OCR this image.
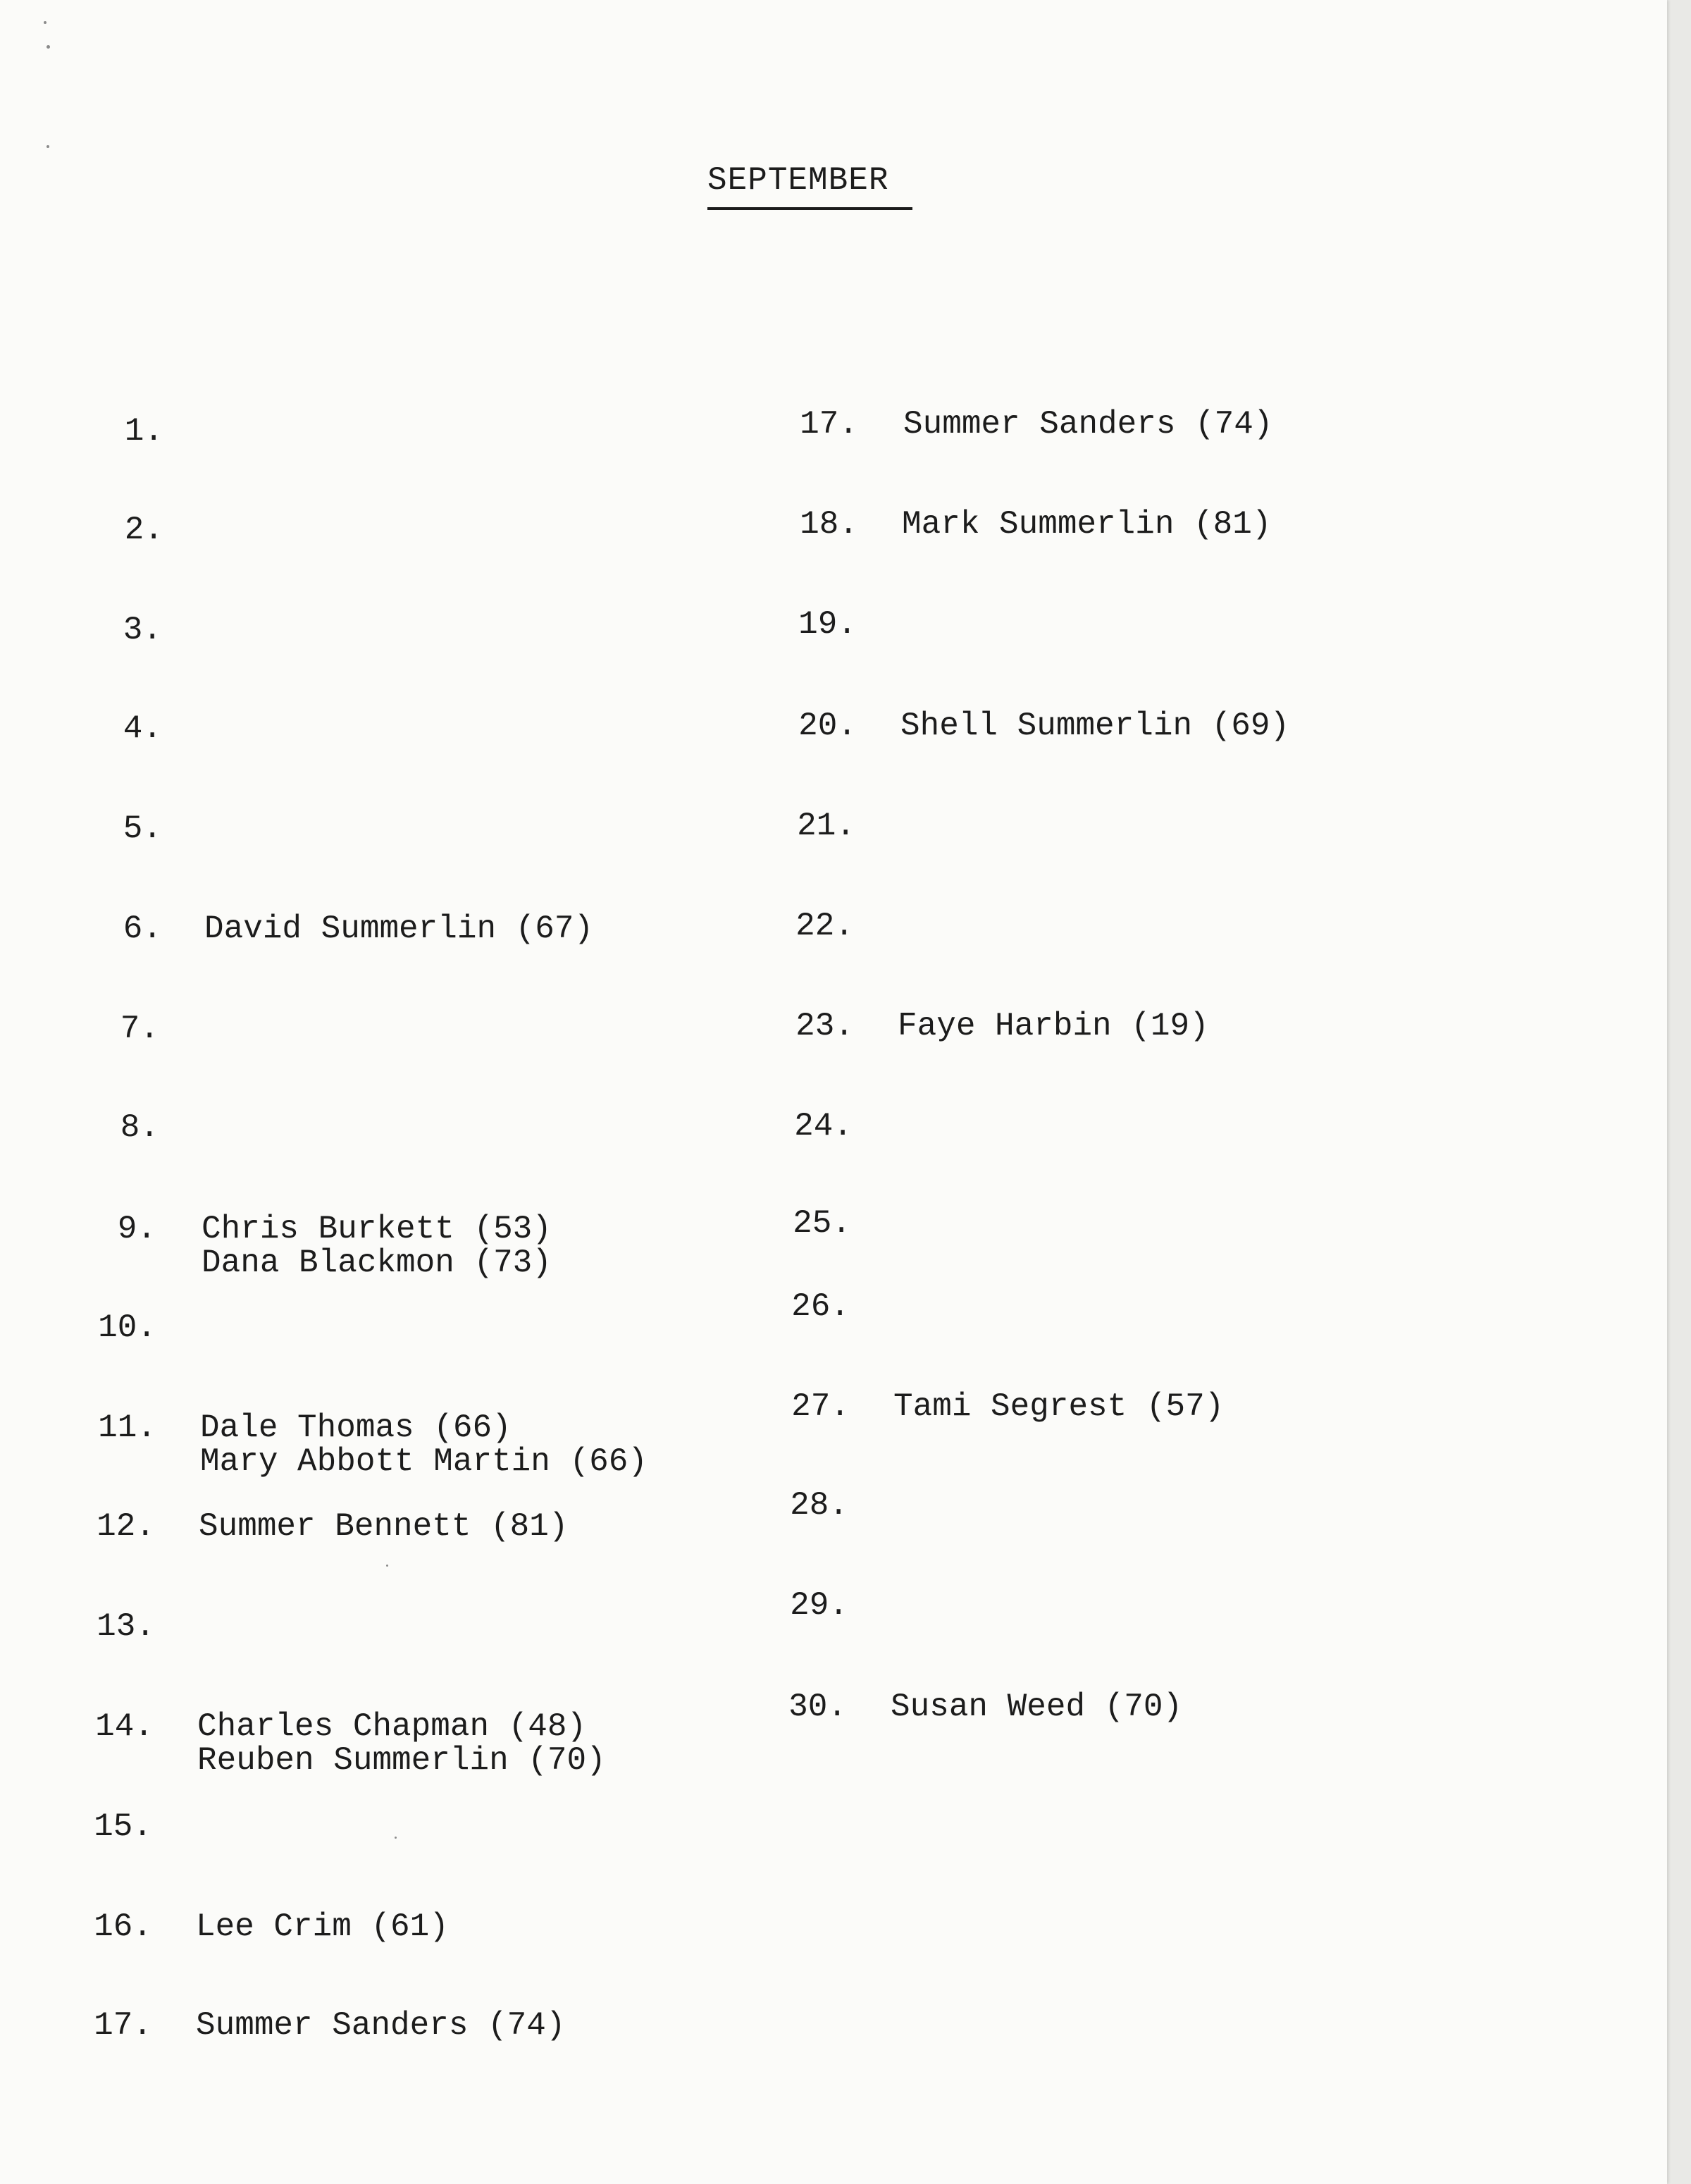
SEPTEMBER
1.
2.
3.
4.
5.
6. David Summerlin (67)
7.
8.
9. Chris Burkett (53)
Dana Blackmon (73)
10.
11. Dale Thomas (66)
Mary Abbott Martin (66)
12. Summer Bennett (81)
13.
14. Charles Chapman (48)
Reuben Summerlin (70)
15.
16. Lee Crim (61)
17. Summer Sanders (74)
17. Summer Sanders (74)
18. Mark Summerlin (81)
19.
20. Shell Summerlin (69)
21.
22.
23. Faye Harbin (19)
24.
25.
26.
27. Tami Segrest (57)
28.
29.
30. Susan Weed (70)
